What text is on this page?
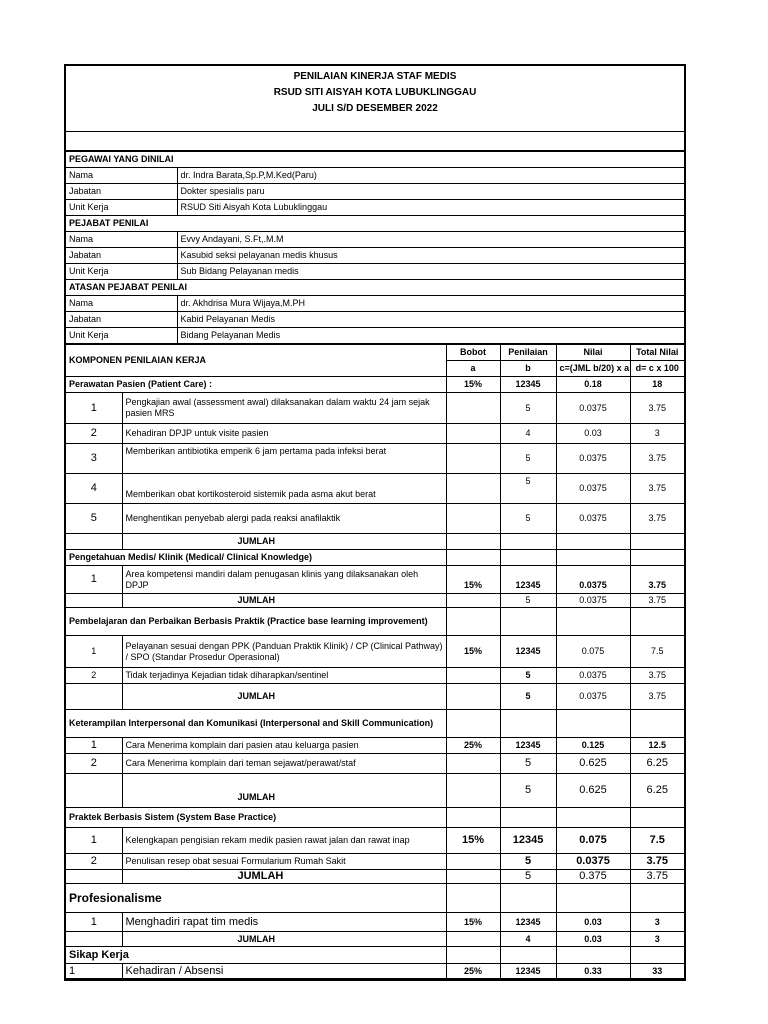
PENILAIAN KINERJA STAF MEDIS
RSUD SITI AISYAH KOTA LUBUKLINGGAU
JULI S/D DESEMBER 2022
PEGAWAI YANG DINILAI	
Nama	dr. Indra Barata,Sp.P,M.Ked(Paru)
Jabatan	Dokter spesialis paru
Unit Kerja	RSUD Siti Aisyah Kota Lubuklinggau
PEJABAT PENILAI	
Nama	Evvy Andayani, S.Ft,.M.M
Jabatan	Kasubid seksi pelayanan medis khusus
Unit Kerja	Sub Bidang Pelayanan medis
ATASAN PEJABAT PENILAI	
Nama	dr. Akhdrisa Mura Wijaya,M.PH
Jabatan	Kabid Pelayanan Medis
Unit Kerja	Bidang Pelayanan Medis
KOMPONEN PENILAIAN KERJA		Bobot	Penilaian	Nilai	Total Nilai
		a	b	c=(JML b/20) x a	d= c x 100
Perawatan Pasien (Patient Care) :		15%	12345	0.18	18
1	Pengkajian awal (assessment awal) dilaksanakan dalam waktu 24 jam sejak pasien MRS		5	0.0375	3.75
2	Kehadiran DPJP untuk visite pasien		4	0.03	3
3	Memberikan antibiotika emperik 6 jam pertama pada infeksi berat		5	0.0375	3.75
4	Memberikan obat kortikosteroid sistemik pada asma akut berat		5	0.0375	3.75
5	Menghentikan penyebab alergi pada reaksi anafilaktik		5	0.0375	3.75
	JUMLAH				
Pengetahuan Medis/ Klinik (Medical/ Clinical Knowledge)					
1	Area kompetensi mandiri dalam penugasan klinis yang dilaksanakan oleh DPJP	15%	12345	0.0375	3.75
	JUMLAH		5	0.0375	3.75
Pembelajaran dan Perbaikan Berbasis Praktik (Practice base learning improvement)					
1	Pelayanan sesuai dengan PPK (Panduan Praktik Klinik) / CP (Clinical Pathway) / SPO (Standar Prosedur Operasional)	15%	12345	0.075	7.5
2	Tidak terjadinya Kejadian tidak diharapkan/sentinel		5	0.0375	3.75
	JUMLAH		5	0.0375	3.75
Keterampilan Interpersonal dan Komunikasi (Interpersonal and Skill Communication)					
1	Cara Menerima komplain dari pasien atau keluarga pasien	25%	12345	0.125	12.5
2	Cara Menerima komplain dari teman sejawat/perawat/staf		5	0.625	6.25
	JUMLAH		5	0.625	6.25
Praktek Berbasis Sistem (System Base Practice)					
1	Kelengkapan pengisian rekam medik pasien rawat jalan dan rawat inap	15%	12345	0.075	7.5
2	Penulisan resep obat sesuai Formularium Rumah Sakit		5	0.0375	3.75
	JUMLAH		5	0.375	3.75
Profesionalisme					
1	Menghadiri rapat tim medis	15%	12345	0.03	3
	JUMLAH		4	0.03	3
Sikap Kerja					
1	Kehadiran / Absensi	25%	12345	0.33	33
